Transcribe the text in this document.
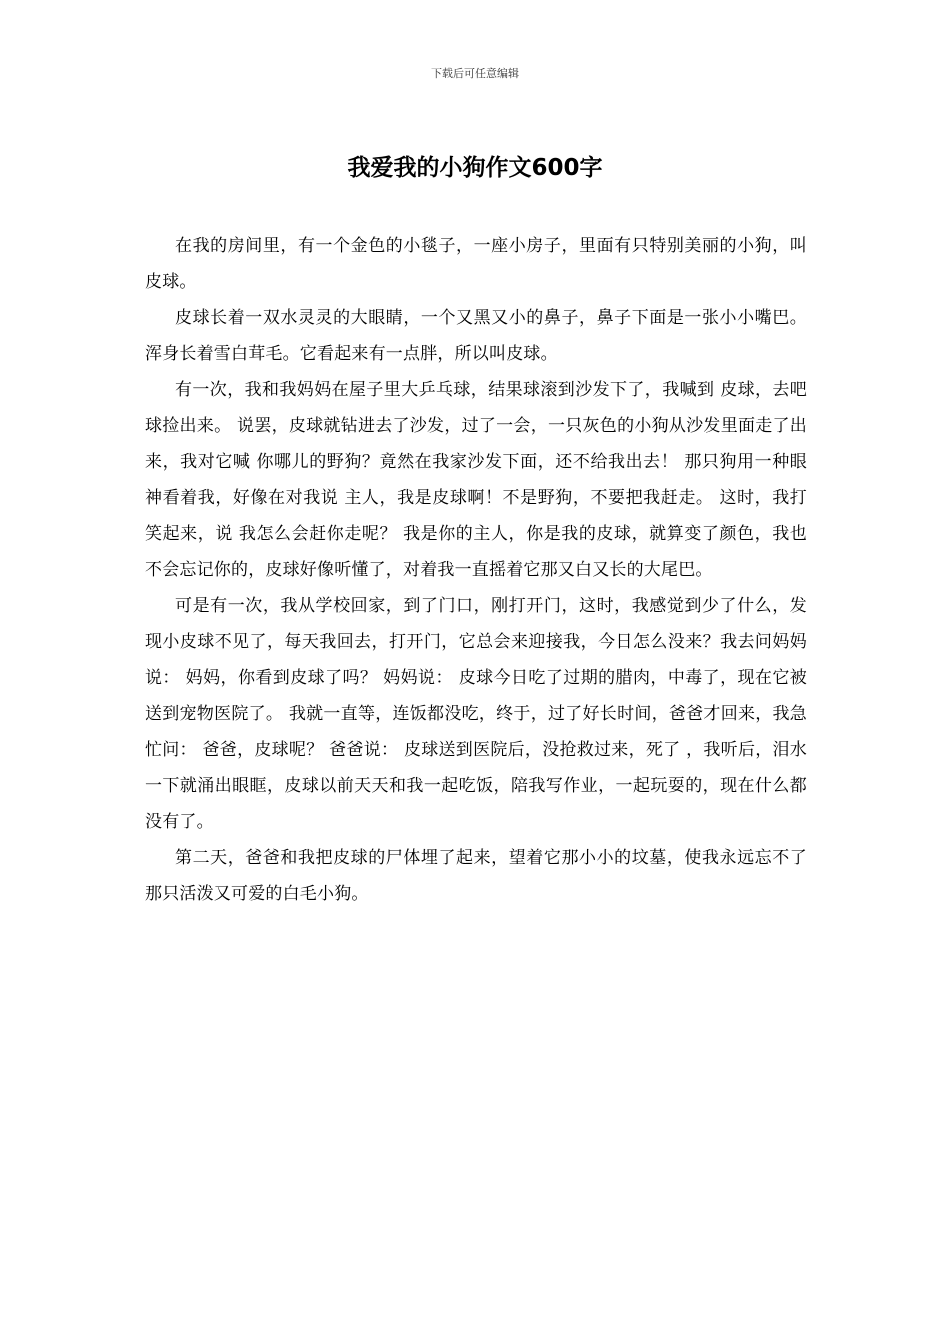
下载后可任意编辑
我爱我的小狗作文600字

在我的房间里，有一个金色的小毯子，一座小房子，里面有只特别美丽的小狗，叫皮球。

皮球长着一双水灵灵的大眼睛，一个又黑又小的鼻子，鼻子下面是一张小小嘴巴。浑身长着雪白茸毛。它看起来有一点胖，所以叫皮球。

有一次，我和我妈妈在屋子里大乒乓球，结果球滚到沙发下了，我喊到 皮球，去吧球捡出来。 说罢，皮球就钻进去了沙发，过了一会，一只灰色的小狗从沙发里面走了出来，我对它喊 你哪儿的野狗？竟然在我家沙发下面，还不给我出去！ 那只狗用一种眼神看着我，好像在对我说 主人，我是皮球啊！不是野狗，不要把我赶走。 这时，我打笑起来，说 我怎么会赶你走呢？ 我是你的主人，你是我的皮球，就算变了颜色，我也不会忘记你的，皮球好像听懂了，对着我一直摇着它那又白又长的大尾巴。

可是有一次，我从学校回家，到了门口，刚打开门，这时，我感觉到少了什么，发现小皮球不见了，每天我回去，打开门，它总会来迎接我，今日怎么没来？我去问妈妈说： 妈妈，你看到皮球了吗？ 妈妈说： 皮球今日吃了过期的腊肉，中毒了，现在它被送到宠物医院了。 我就一直等，连饭都没吃，终于，过了好长时间，爸爸才回来，我急忙问： 爸爸，皮球呢？ 爸爸说： 皮球送到医院后，没抢救过来，死了 ，我听后，泪水一下就涌出眼眶，皮球以前天天和我一起吃饭，陪我写作业，一起玩耍的，现在什么都没有了。

第二天，爸爸和我把皮球的尸体埋了起来，望着它那小小的坟墓，使我永远忘不了那只活泼又可爱的白毛小狗。
